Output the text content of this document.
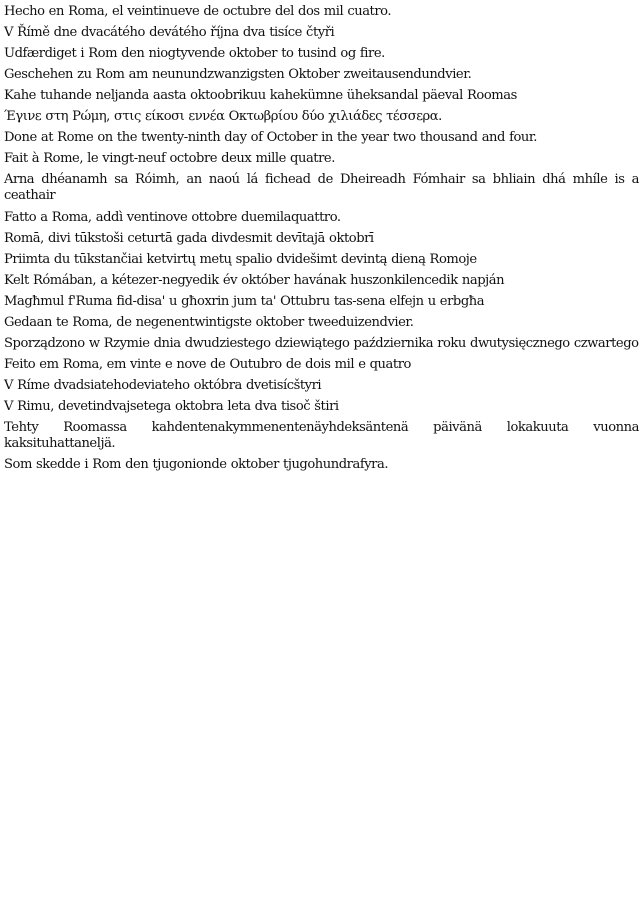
Hecho en Roma, el veintinueve de octubre del dos mil cuatro.

V Římě dne dvacátého devátého října dva tisíce čtyři

Udfærdiget i Rom den niogtyvende oktober to tusind og fire.

Geschehen zu Rom am neunundzwanzigsten Oktober zweitausendundvier.

Kahe tuhande neljanda aasta oktoobrikuu kahekümne üheksandal päeval Roomas

Έγινε στη Ρώμη, στις είκοσι εννέα Οκτωβρίου δύο χιλιάδες τέσσερα.

Done at Rome on the twenty-ninth day of October in the year two thousand and four.

Fait à Rome, le vingt-neuf octobre deux mille quatre.

Arna dhéanamh sa Róimh, an naoú lá fichead de Dheireadh Fómhair sa bhliain dhá mhíle is a ceathair

Fatto a Roma, addì ventinove ottobre duemilaquattro.

Romā, divi tūkstoši ceturtā gada divdesmit devītajā oktobrī

Priimta du tūkstančiai ketvirtų metų spalio dvidešimt devintą dieną Romoje

Kelt Rómában, a kétezer-negyedik év október havának huszonkilencedik napján

Magħmul f'Ruma fid-disa' u għoxrin jum ta' Ottubru tas-sena elfejn u erbgħa

Gedaan te Roma, de negenentwintigste oktober tweeduizendvier.

Sporządzono w Rzymie dnia dwudziestego dziewiątego października roku dwutysięcznego czwartego

Feito em Roma, em vinte e nove de Outubro de dois mil e quatro

V Ríme dvadsiatehodeviateho októbra dvetisícštyri

V Rimu, devetindvajsetega oktobra leta dva tisoč štiri

Tehty Roomassa kahdentenakymmenentenäyhdeksäntenä päivänä lokakuuta vuonna kaksituhattaneljä.

Som skedde i Rom den tjugonionde oktober tjugohundrafyra.
